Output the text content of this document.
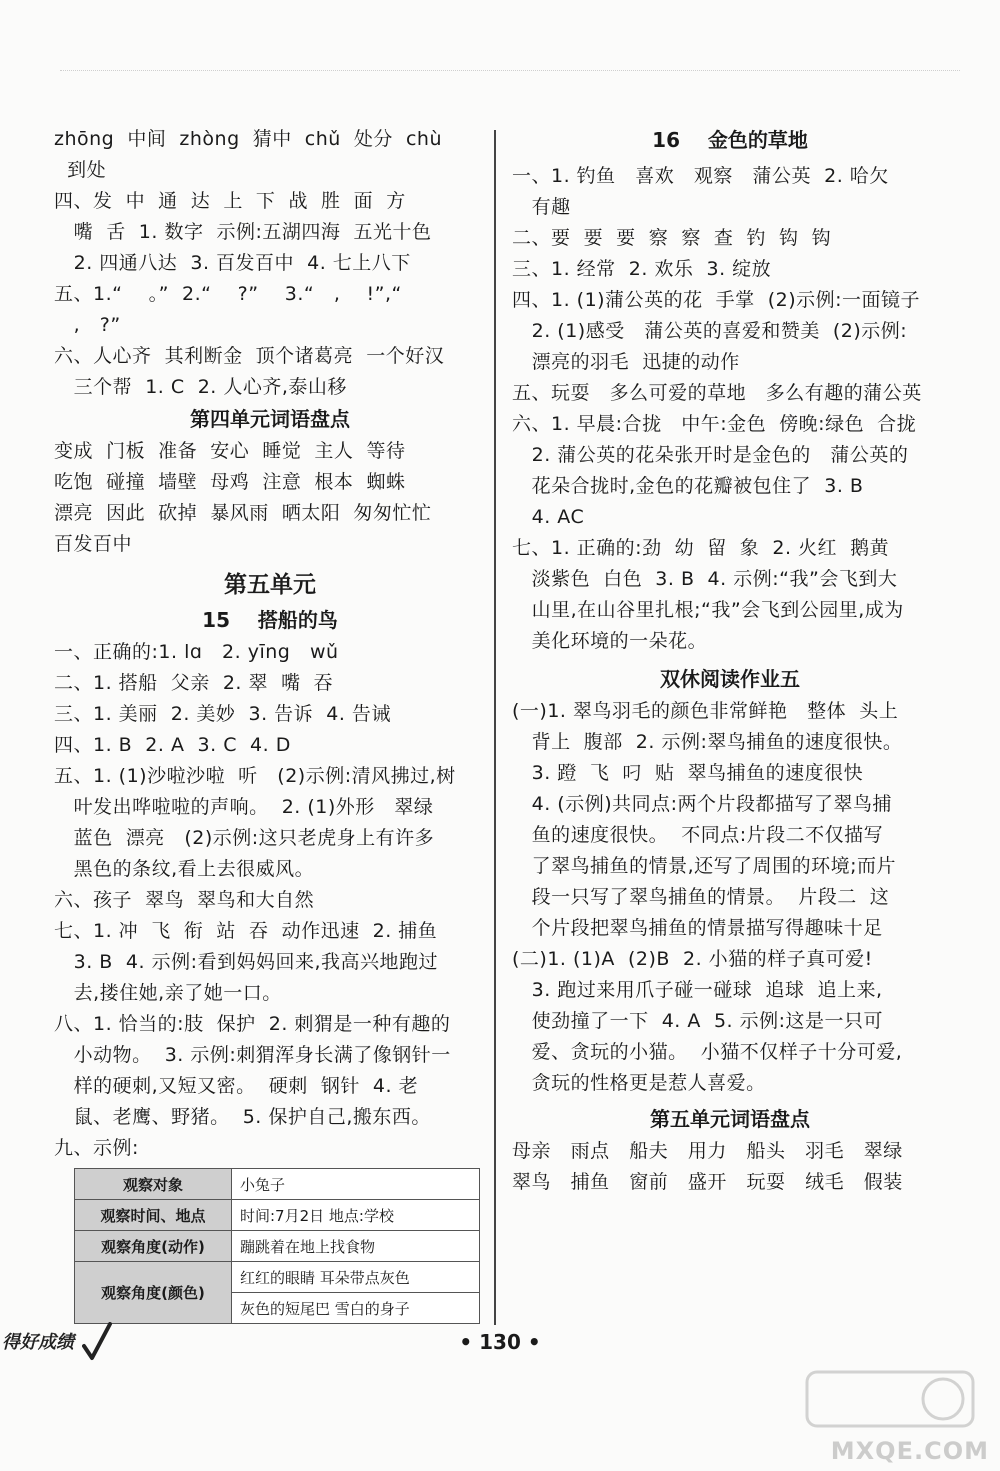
zhōng  中间  zhòng  猜中  chǔ  处分  chù
到处
四、发  中  通  达  上  下  战  胜  面  方
嘴  舌  1. 数字  示例:五湖四海  五光十色
2. 四通八达  3. 百发百中  4. 七上八下
五、1.“    。”  2.“    ?”    3.“   ,    !”,“
,   ?”
六、人心齐  其利断金  顶个诸葛亮  一个好汉
三个帮  1. C  2. 人心齐,泰山移
第四单元词语盘点
变成  门板  准备  安心  睡觉  主人  等待
吃饱  碰撞  墙壁  母鸡  注意  根本  蜘蛛
漂亮  因此  砍掉  暴风雨  晒太阳  匆匆忙忙
百发百中
第五单元
15    搭船的鸟
一、正确的:1. lɑ   2. yīng   wǔ
二、1. 搭船  父亲  2. 翠  嘴  吞
三、1. 美丽  2. 美妙  3. 告诉  4. 告诫
四、1. B  2. A  3. C  4. D
五、1. (1)沙啦沙啦  听   (2)示例:清风拂过,树
叶发出哗啦啦的声响。  2. (1)外形   翠绿
蓝色  漂亮   (2)示例:这只老虎身上有许多
黑色的条纹,看上去很威风。
六、孩子  翠鸟  翠鸟和大自然
七、1. 冲  飞  衔  站  吞  动作迅速  2. 捕鱼
3. B  4. 示例:看到妈妈回来,我高兴地跑过
去,搂住她,亲了她一口。
八、1. 恰当的:肢  保护  2. 刺猬是一种有趣的
小动物。  3. 示例:刺猬浑身长满了像钢针一
样的硬刺,又短又密。  硬刺  钢针  4. 老
鼠、老鹰、野猪。  5. 保护自己,搬东西。
九、示例:
观察对象	小兔子
观察时间、地点	时间:7月2日 地点:学校
观察角度(动作)	蹦跳着在地上找食物
观察角度(颜色)	红红的眼睛 耳朵带点灰色
	灰色的短尾巴 雪白的身子
16    金色的草地
一、1. 钓鱼   喜欢   观察   蒲公英  2. 哈欠
有趣
二、要  要  要  察  察  查  钓  钩  钩
三、1. 经常  2. 欢乐  3. 绽放
四、1. (1)蒲公英的花  手掌  (2)示例:一面镜子
2. (1)感受   蒲公英的喜爱和赞美  (2)示例:
漂亮的羽毛  迅捷的动作
五、玩耍   多么可爱的草地   多么有趣的蒲公英
六、1. 早晨:合拢   中午:金色  傍晚:绿色  合拢
2. 蒲公英的花朵张开时是金色的   蒲公英的
花朵合拢时,金色的花瓣被包住了  3. B
4. AC
七、1. 正确的:劲  幼  留  象  2. 火红  鹅黄
淡紫色  白色  3. B  4. 示例:“我”会飞到大
山里,在山谷里扎根;“我”会飞到公园里,成为
美化环境的一朵花。
双休阅读作业五
(一)1. 翠鸟羽毛的颜色非常鲜艳   整体  头上
背上  腹部  2. 示例:翠鸟捕鱼的速度很快。
3. 蹬  飞  叼  贴  翠鸟捕鱼的速度很快
4. (示例)共同点:两个片段都描写了翠鸟捕
鱼的速度很快。  不同点:片段二不仅描写
了翠鸟捕鱼的情景,还写了周围的环境;而片
段一只写了翠鸟捕鱼的情景。  片段二  这
个片段把翠鸟捕鱼的情景描写得趣味十足
(二)1. (1)A  (2)B  2. 小猫的样子真可爱!
3. 跑过来用爪子碰一碰球  追球  追上来,
使劲撞了一下  4. A  5. 示例:这是一只可
爱、贪玩的小猫。  小猫不仅样子十分可爱,
贪玩的性格更是惹人喜爱。
第五单元词语盘点
母亲   雨点   船夫   用力   船头   羽毛   翠绿
翠鸟   捕鱼   窗前   盛开   玩耍   绒毛   假装
得好成绩	• 130 •
MXQE.COM
